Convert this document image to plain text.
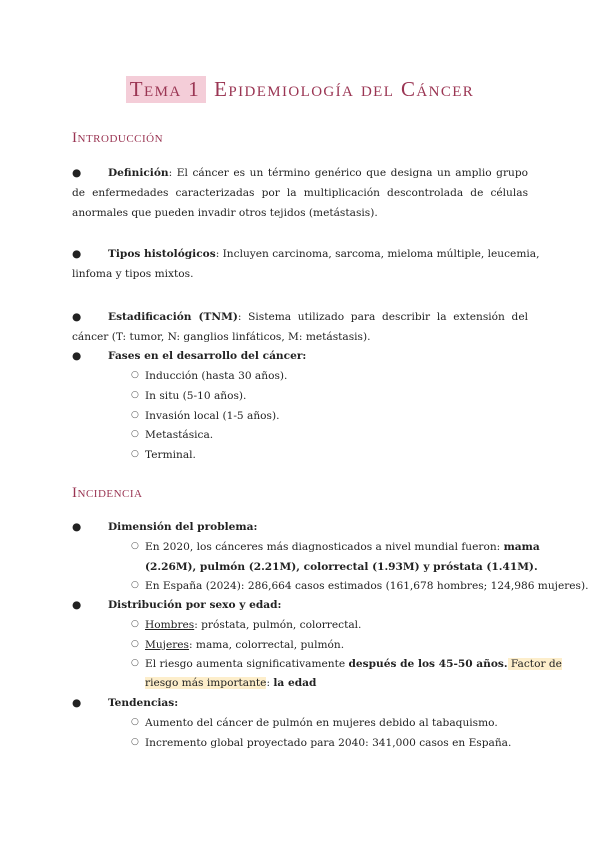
Tema 1 Epidemiología del Cáncer
Introducción
●	Definición: El cáncer es un término genérico que designa un amplio grupo de enfermedades caracterizadas por la multiplicación descontrolada de células anormales que pueden invadir otros tejidos (metástasis).
●	Tipos histológicos: Incluyen carcinoma, sarcoma, mieloma múltiple, leucemia,
linfoma y tipos mixtos.
●	Estadificación (TNM): Sistema utilizado para describir la extensión del cáncer (T: tumor, N: ganglios linfáticos, M: metástasis).
●	Fases en el desarrollo del cáncer:
○ Inducción (hasta 30 años).
○ In situ (5-10 años).
○ Invasión local (1-5 años).
○ Metastásica.
○ Terminal.
Incidencia
●	Dimensión del problema:
○ En 2020, los cánceres más diagnosticados a nivel mundial fueron: mama
(2.26M), pulmón (2.21M), colorrectal (1.93M) y próstata (1.41M).
○ En España (2024): 286,664 casos estimados (161,678 hombres; 124,986 mujeres).
●	Distribución por sexo y edad:
○ Hombres: próstata, pulmón, colorrectal.
○ Mujeres: mama, colorrectal, pulmón.
○ El riesgo aumenta significativamente después de los 45-50 años. Factor de
riesgo más importante: la edad
●	Tendencias:
○ Aumento del cáncer de pulmón en mujeres debido al tabaquismo.
○ Incremento global proyectado para 2040: 341,000 casos en España.
